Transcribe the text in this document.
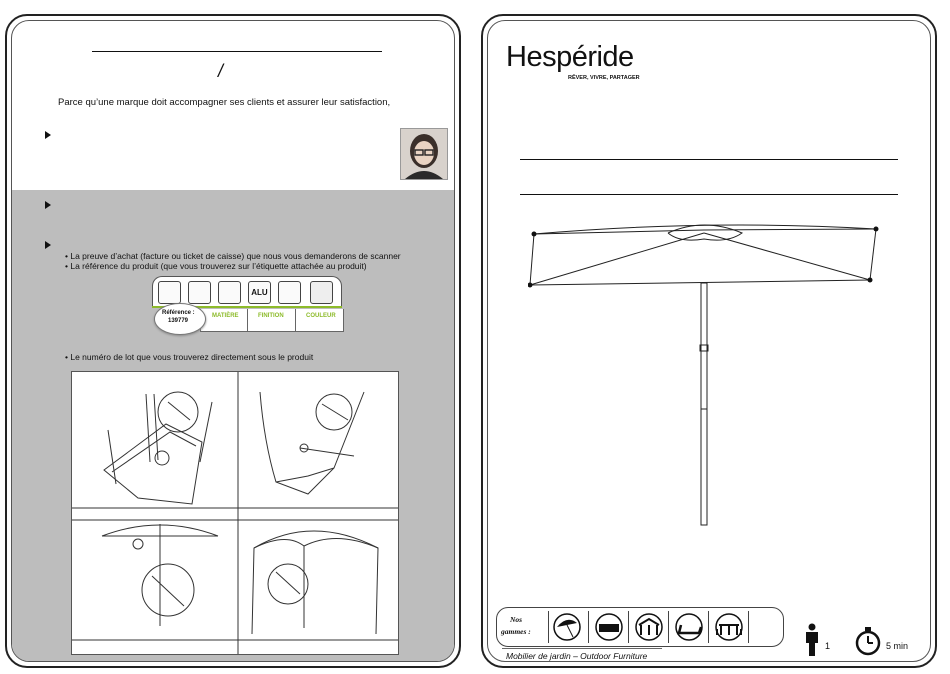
/
Parce qu’une marque doit accompagner ses clients et assurer leur satisfaction,
• La preuve d’achat (facture ou ticket de caisse) que nous vous demanderons de scanner
• La référence du produit (que vous trouverez sur l’étiquette attachée au produit)
ALU
MATIÈRE	FINITION	COULEUR
Référence :
139779
• Le numéro de lot que vous trouverez directement sous le produit
Hespéride
RÊVER, VIVRE, PARTAGER
Nos
gammes :
1	5 min
Mobilier de jardin – Outdoor Furniture
